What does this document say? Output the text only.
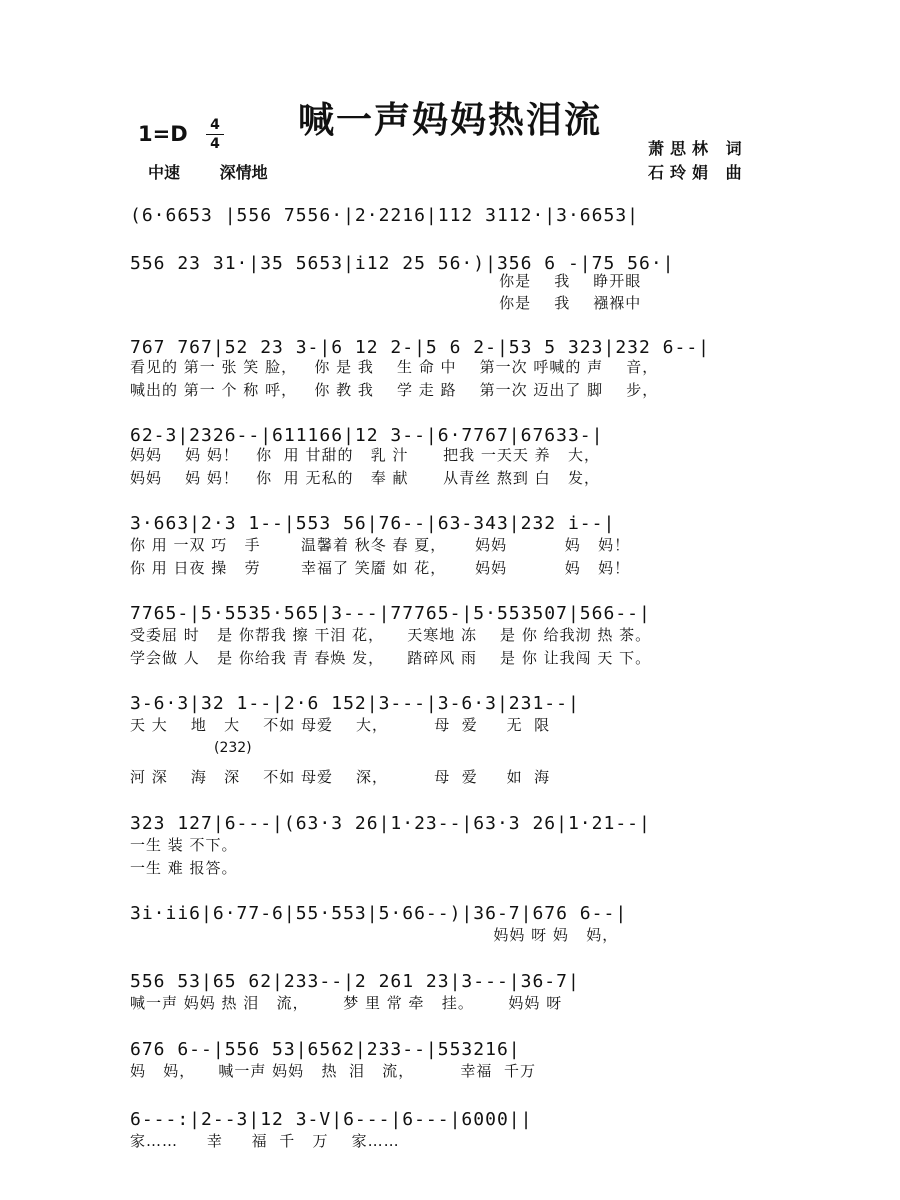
喊一声妈妈热泪流
1=D 4
4
中速 深情地
萧思林 词
石玲娟 曲
(6·6653 |556 7556·|2·2216|112 3112·|3·6653|
556 23 31·|35 5653|i12 25 56·)|356 6 -|75 56·|
你是    我    睁开眼
你是    我    襁褓中
767 767|52 23 3-|6 12 2-|5 6 2-|53 5 323|232 6--|
看见的 第一 张 笑 脸，   你 是 我    生 命 中    第一次 呼喊的 声    音，
喊出的 第一 个 称 呼，   你 教 我    学 走 路    第一次 迈出了 脚    步，
62-3|2326--|611166|12 3--|6·7767|67633-|
妈妈    妈 妈！   你  用 甘甜的   乳 汁      把我 一天天 养   大，
妈妈    妈 妈！   你  用 无私的   奉 献      从青丝 熬到 白   发，
3·663|2·3 1--|553 56|76--|63-343|232 i--|
你 用 一双 巧   手       温馨着 秋冬 春 夏，     妈妈          妈   妈！
你 用 日夜 操   劳       幸福了 笑靥 如 花，     妈妈          妈   妈！
7765-|5·5535·565|3---|77765-|5·553507|566--|
受委屈 时   是 你帮我 擦 干泪 花，    天寒地 冻    是 你 给我沏 热 茶。
学会做 人   是 你给我 青 春焕 发，    踏碎风 雨    是 你 让我闯 天 下。
3-6·3|32 1--|2·6 152|3---|3-6·3|231--|
天 大    地   大    不如 母爱    大，        母  爱     无  限
(232)
河 深    海   深    不如 母爱    深，        母  爱     如  海
323 127|6---|(63·3 26|1·23--|63·3 26|1·21--|
一生 装 不下。
一生 难 报答。
3i·ii6|6·77-6|55·553|5·66--)|36-7|676 6--|
妈妈 呀 妈   妈，
556 53|65 62|233--|2 261 23|3---|36-7|
喊一声 妈妈 热 泪   流，      梦 里 常 牵   挂。      妈妈 呀
676 6--|556 53|6562|233--|553216|
妈   妈，    喊一声 妈妈   热  泪   流，        幸福  千万
6---:|2--3|12 3-V|6---|6---|6000||
家……     幸     福  千   万    家……
